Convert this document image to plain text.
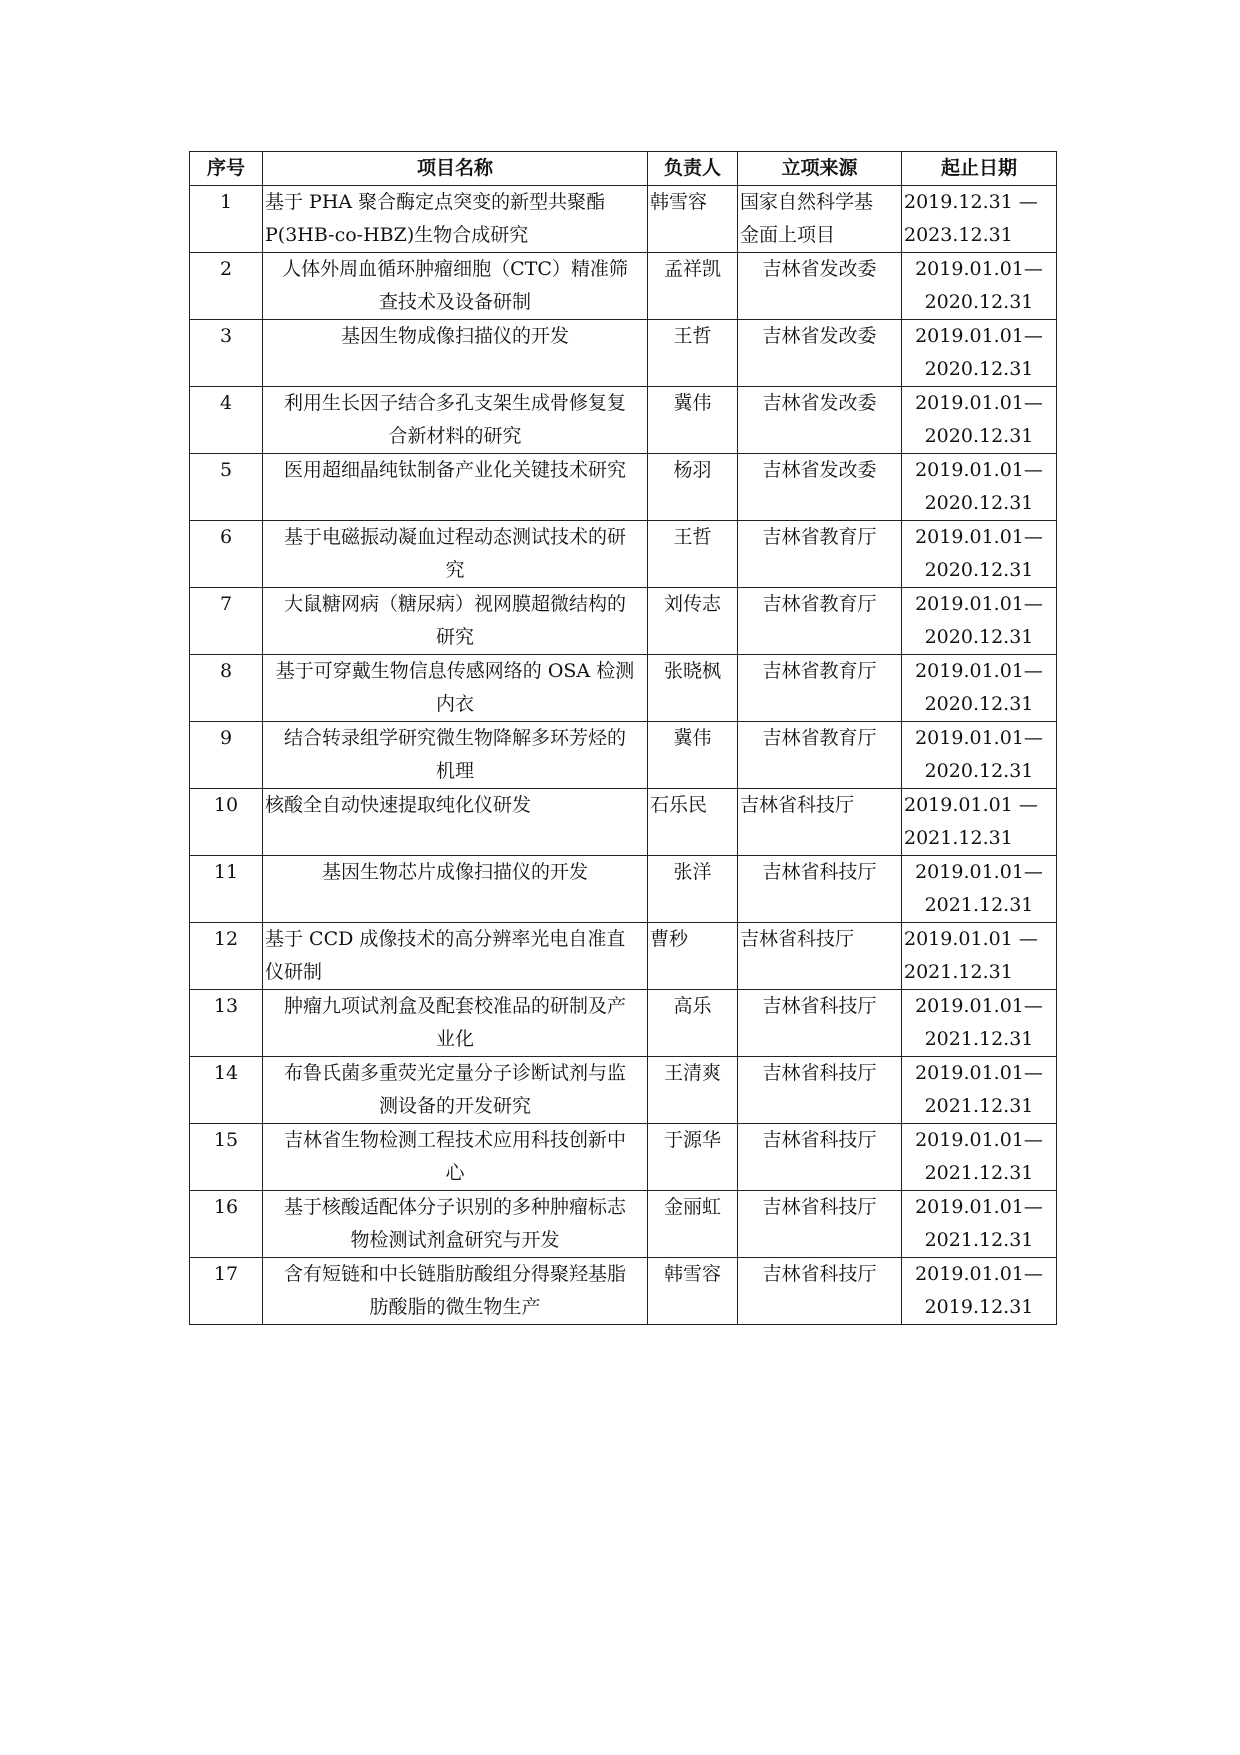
序号	项目名称	负责人	立项来源	起止日期
1	基于 PHA 聚合酶定点突变的新型共聚酯
P(3HB-co-HBZ)生物合成研究	韩雪容	国家自然科学基
金面上项目	2019.12.31 —
2023.12.31

2	人体外周血循环肿瘤细胞（CTC）精准筛
查技术及设备研制	孟祥凯	吉林省发改委	2019.01.01—
2020.12.31

3	基因生物成像扫描仪的开发	王哲	吉林省发改委	2019.01.01—
2020.12.31

4	利用生长因子结合多孔支架生成骨修复复
合新材料的研究	冀伟	吉林省发改委	2019.01.01—
2020.12.31

5	医用超细晶纯钛制备产业化关键技术研究	杨羽	吉林省发改委	2019.01.01—
2020.12.31

6	基于电磁振动凝血过程动态测试技术的研
究	王哲	吉林省教育厅	2019.01.01—
2020.12.31

7	大鼠糖网病（糖尿病）视网膜超微结构的
研究	刘传志	吉林省教育厅	2019.01.01—
2020.12.31

8	基于可穿戴生物信息传感网络的 OSA 检测
内衣	张晓枫	吉林省教育厅	2019.01.01—
2020.12.31

9	结合转录组学研究微生物降解多环芳烃的
机理	冀伟	吉林省教育厅	2019.01.01—
2020.12.31

10	核酸全自动快速提取纯化仪研发	石乐民	吉林省科技厅	2019.01.01 —
2021.12.31

11	基因生物芯片成像扫描仪的开发	张洋	吉林省科技厅	2019.01.01—
2021.12.31

12	基于 CCD 成像技术的高分辨率光电自准直
仪研制	曹秒	吉林省科技厅	2019.01.01 —
2021.12.31

13	肿瘤九项试剂盒及配套校准品的研制及产
业化	高乐	吉林省科技厅	2019.01.01—
2021.12.31

14	布鲁氏菌多重荧光定量分子诊断试剂与监
测设备的开发研究	王清爽	吉林省科技厅	2019.01.01—
2021.12.31

15	吉林省生物检测工程技术应用科技创新中
心	于源华	吉林省科技厅	2019.01.01—
2021.12.31

16	基于核酸适配体分子识别的多种肿瘤标志
物检测试剂盒研究与开发	金丽虹	吉林省科技厅	2019.01.01—
2021.12.31

17	含有短链和中长链脂肪酸组分得聚羟基脂
肪酸脂的微生物生产	韩雪容	吉林省科技厅	2019.01.01—
2019.12.31
